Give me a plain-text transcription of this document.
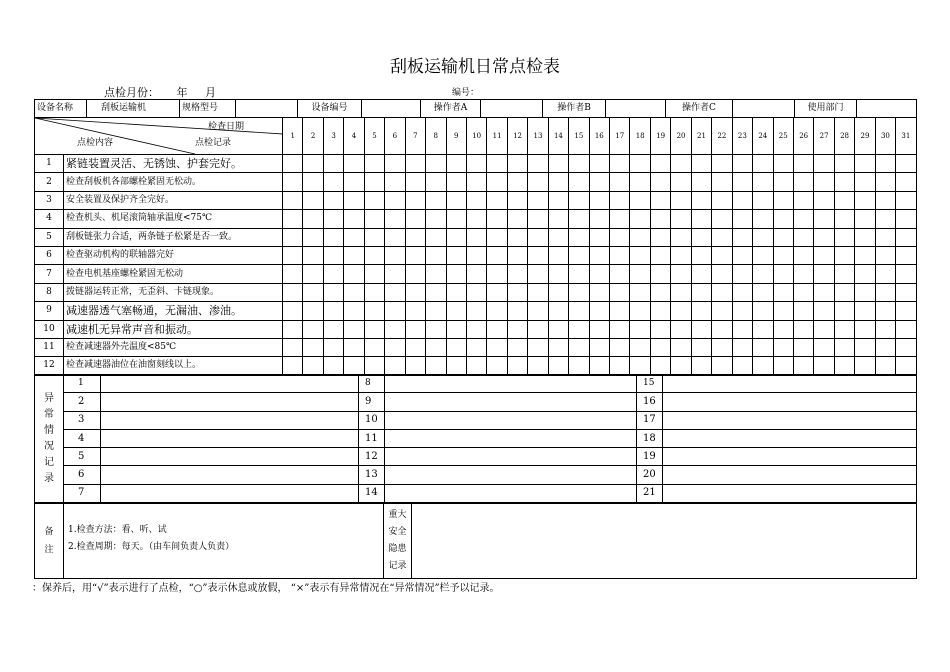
刮板运输机日常点检表
点检月份： 年 月	编号：
设备名称	刮板运输机	规格型号		设备编号		操作者A		操作者B		操作者C		使用部门	
检查日期
点检内容 点检记录		1	2	3	4	5	6	7	8	9	10	11	12	13	14	15	16	17	18	19	20	21	22	23	24	25	26	27	28	29	30	31
1	紧链装置灵活、无锈蚀、护套完好。																															
2	检查刮板机各部螺栓紧固无松动。																															
3	安全装置及保护齐全完好。																															
4	检查机头、机尾滚筒轴承温度<75℃																															
5	刮板链张力合适，两条链子松紧是否一致。																															
6	检查驱动机构的联轴器完好																															
7	检查电机基座螺栓紧固无松动																															
8	拨链器运转正常，无歪斜、卡链现象。																															
9	减速器透气塞畅通，无漏油、渗油。																															
10	减速机无异常声音和振动。																															
11	检查减速器外壳温度<85℃																															
12	检查减速器油位在油窗刻线以上。																															
异常情况记录	1		8		15	
	2		9		16	
	3		10		17	
	4		11		18	
	5		12		19	
	6		13		20	
	7		14		21	
备注	
1.检查方法：看、听、试
2.检查周期：每天。（由车间负责人负责）
	重大安全隐患记录	
：保养后，用“√”表示进行了点检，“○”表示休息或放假， “×”表示有异常情况在“异常情况”栏予以记录。
